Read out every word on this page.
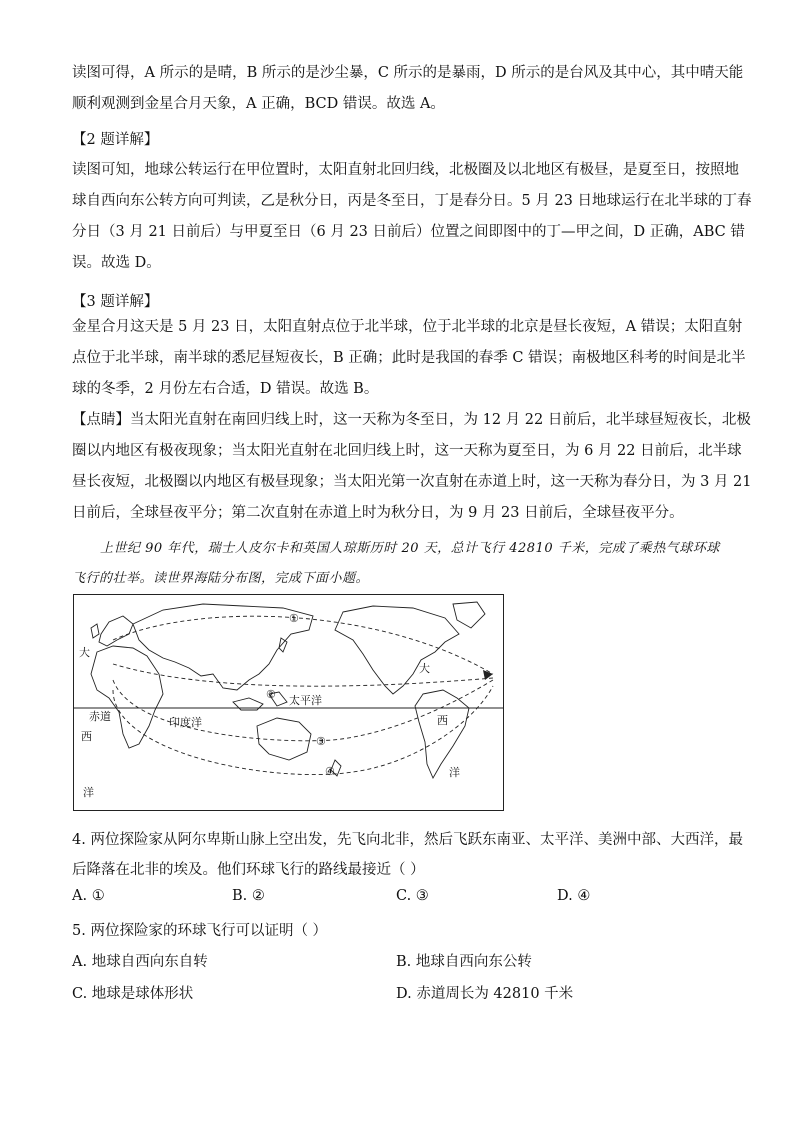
读图可得，A 所示的是晴，B 所示的是沙尘暴，C 所示的是暴雨，D 所示的是台风及其中心，其中晴天能
顺利观测到金星合月天象，A 正确，BCD 错误。故选 A。
【2 题详解】
读图可知，地球公转运行在甲位置时，太阳直射北回归线，北极圈及以北地区有极昼，是夏至日，按照地
球自西向东公转方向可判读，乙是秋分日，丙是冬至日，丁是春分日。5 月 23 日地球运行在北半球的丁春
分日（3 月 21 日前后）与甲夏至日（6 月 23 日前后）位置之间即图中的丁—甲之间，D 正确，ABC 错
误。故选 D。
【3 题详解】
金星合月这天是 5 月 23 日，太阳直射点位于北半球，位于北半球的北京是昼长夜短，A 错误；太阳直射
点位于北半球，南半球的悉尼昼短夜长，B 正确；此时是我国的春季 C 错误；南极地区科考的时间是北半
球的冬季，2 月份左右合适，D 错误。故选 B。
【点睛】当太阳光直射在南回归线上时，这一天称为冬至日，为 12 月 22 日前后，北半球昼短夜长，北极
圈以内地区有极夜现象；当太阳光直射在北回归线上时，这一天称为夏至日，为 6 月 22 日前后，北半球
昼长夜短，北极圈以内地区有极昼现象；当太阳光第一次直射在赤道上时，这一天称为春分日，为 3 月 21
日前后，全球昼夜平分；第二次直射在赤道上时为秋分日，为 9 月 23 日前后，全球昼夜平分。
上世纪 90 年代，瑞士人皮尔卡和英国人琼斯历时 20 天，总计飞行 42810 千米，完成了乘热气球环球
飞行的壮举。读世界海陆分布图，完成下面小题。
①
②
③
④
大
赤道
西
洋
印度洋
太平洋
大
西
洋
4. 两位探险家从阿尔卑斯山脉上空出发，先飞向北非，然后飞跃东南亚、太平洋、美洲中部、大西洋，最
后降落在北非的埃及。他们环球飞行的路线最接近（ ）
A. ①	B. ②	C. ③	D. ④
5. 两位探险家的环球飞行可以证明（ ）
A. 地球自西向东自转	B. 地球自西向东公转
C. 地球是球体形状	D. 赤道周长为 42810 千米
